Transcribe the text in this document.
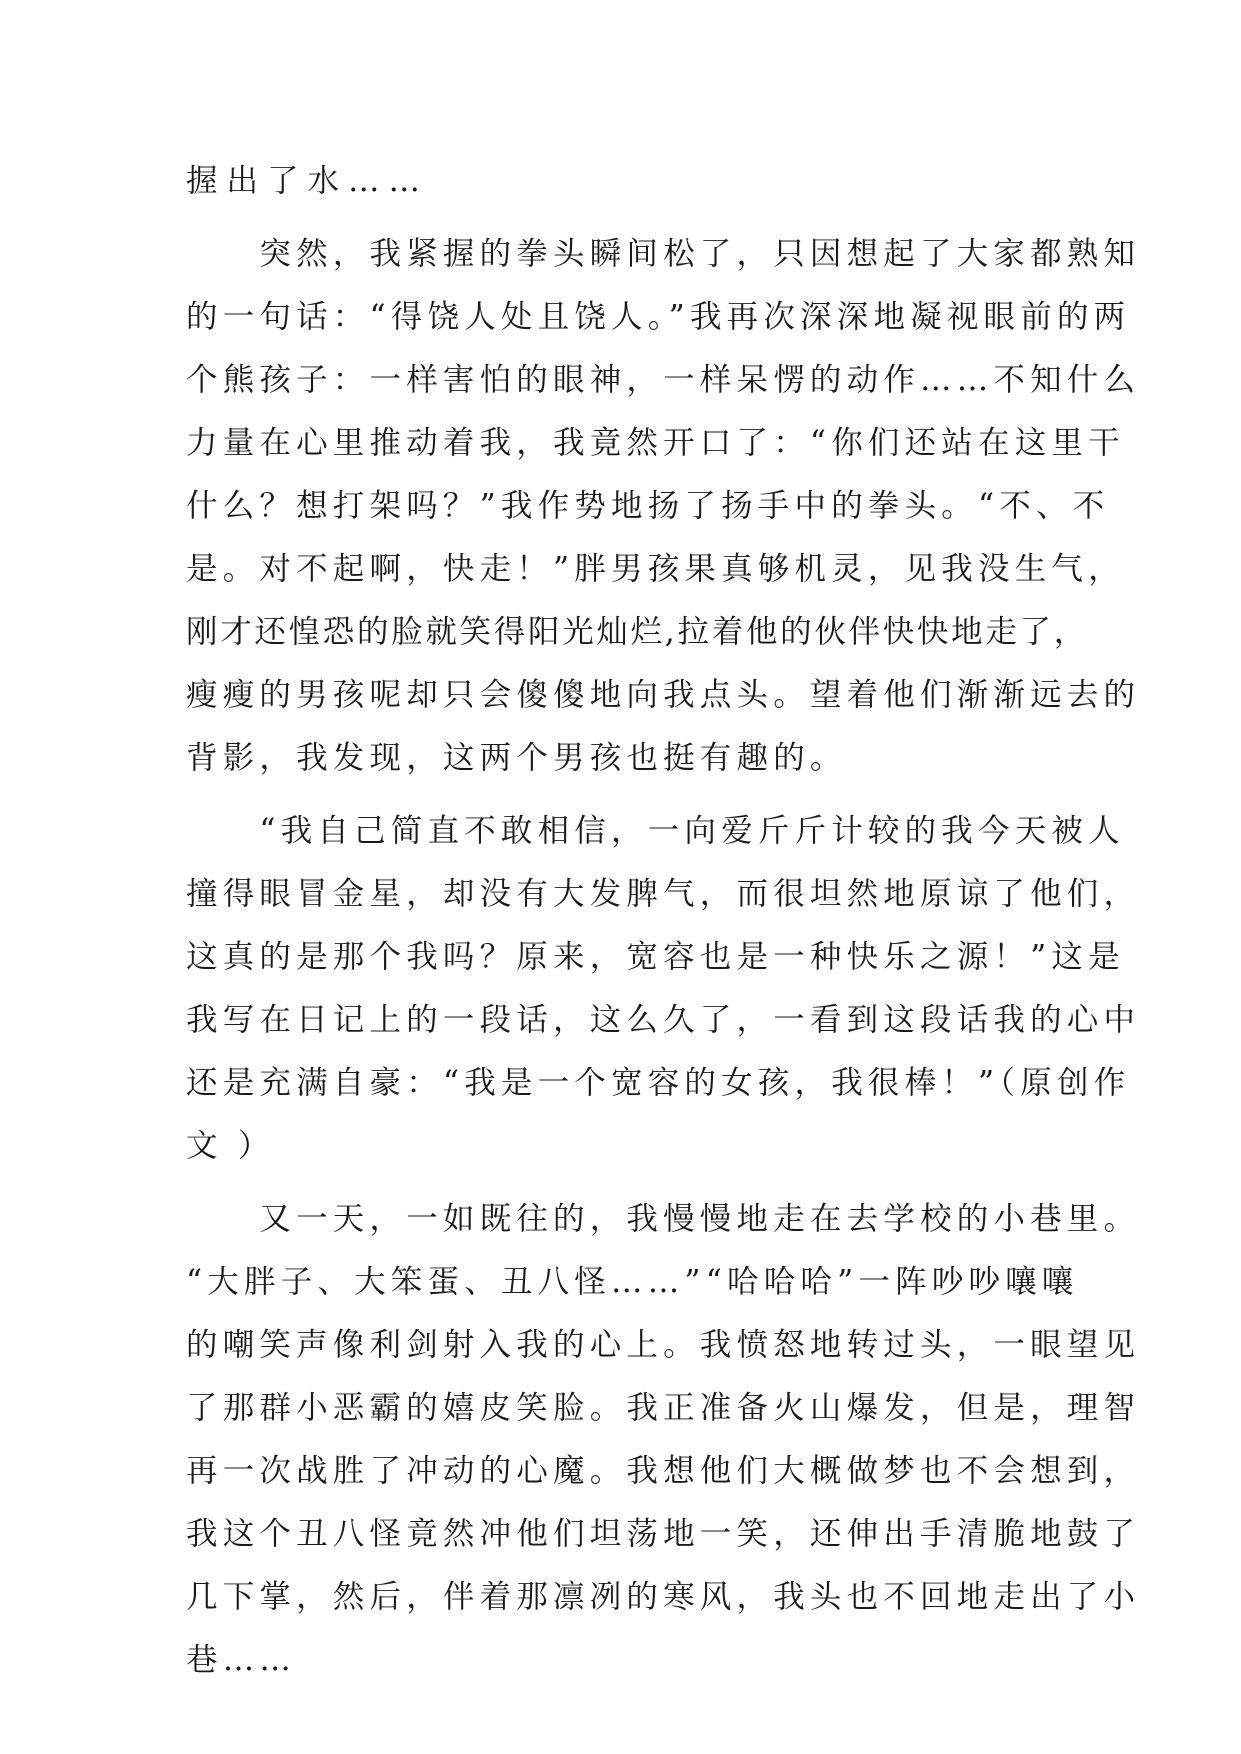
握出了水……
　　突然，我紧握的拳头瞬间松了，只因想起了大家都熟知
的一句话：“得饶人处且饶人。”我再次深深地凝视眼前的两
个熊孩子：一样害怕的眼神，一样呆愣的动作……不知什么
力量在心里推动着我，我竟然开口了：“你们还站在这里干
什么？想打架吗？”我作势地扬了扬手中的拳头。“不、不
是。对不起啊，快走！”胖男孩果真够机灵，见我没生气，
刚才还惶恐的脸就笑得阳光灿烂,拉着他的伙伴快快地走了，
瘦瘦的男孩呢却只会傻傻地向我点头。望着他们渐渐远去的
背影，我发现，这两个男孩也挺有趣的。
　　“我自己简直不敢相信，一向爱斤斤计较的我今天被人
撞得眼冒金星，却没有大发脾气，而很坦然地原谅了他们，
这真的是那个我吗？原来，宽容也是一种快乐之源！”这是
我写在日记上的一段话，这么久了，一看到这段话我的心中
还是充满自豪：“我是一个宽容的女孩，我很棒！”（原创作
文 ）
　　又一天，一如既往的，我慢慢地走在去学校的小巷里。
“大胖子、大笨蛋、丑八怪……”“哈哈哈”一阵吵吵嚷嚷
的嘲笑声像利剑射入我的心上。我愤怒地转过头，一眼望见
了那群小恶霸的嬉皮笑脸。我正准备火山爆发，但是，理智
再一次战胜了冲动的心魔。我想他们大概做梦也不会想到，
我这个丑八怪竟然冲他们坦荡地一笑，还伸出手清脆地鼓了
几下掌，然后，伴着那凛冽的寒风，我头也不回地走出了小
巷……
